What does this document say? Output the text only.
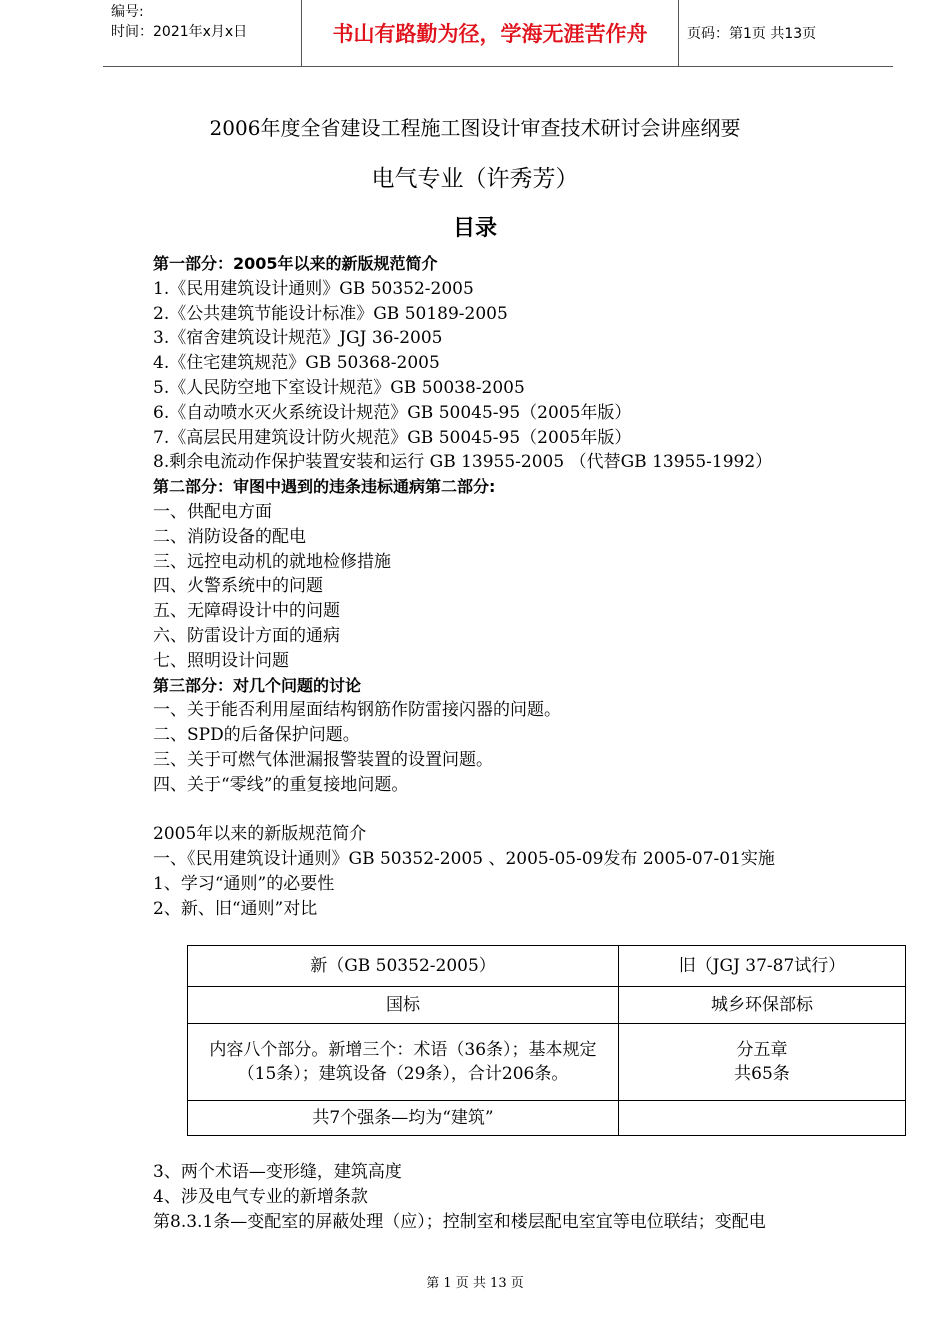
编号:
时间：2021年x月x日	书山有路勤为径，学海无涯苦作舟	页码：第1页 共13页
2006年度全省建设工程施工图设计审查技术研讨会讲座纲要
电气专业（许秀芳）
目录
第一部分：2005年以来的新版规范简介
1.《民用建筑设计通则》GB 50352-2005
2.《公共建筑节能设计标准》GB 50189-2005
3.《宿舍建筑设计规范》JGJ 36-2005
4.《住宅建筑规范》GB 50368-2005
5.《人民防空地下室设计规范》GB 50038-2005
6.《自动喷水灭火系统设计规范》GB 50045-95（2005年版）
7.《高层民用建筑设计防火规范》GB 50045-95（2005年版）
8.剩余电流动作保护装置安装和运行 GB 13955-2005 （代替GB 13955-1992）
第二部分：审图中遇到的违条违标通病第二部分:
一、供配电方面
二、消防设备的配电
三、远控电动机的就地检修措施
四、火警系统中的问题
五、无障碍设计中的问题
六、防雷设计方面的通病
七、照明设计问题
第三部分：对几个问题的讨论
一、关于能否利用屋面结构钢筋作防雷接闪器的问题。
二、SPD的后备保护问题。
三、关于可燃气体泄漏报警装置的设置问题。
四、关于“零线”的重复接地问题。
2005年以来的新版规范简介
一、《民用建筑设计通则》GB 50352-2005 、2005-05-09发布 2005-07-01实施
1、学习“通则”的必要性
2、新、旧“通则”对比
新（GB 50352-2005）	旧（JGJ 37-87试行）
国标	城乡环保部标
内容八个部分。新增三个：术语（36条）；基本规定（15条）；建筑设备（29条），合计206条。	分五章
共65条
共7个强条—均为“建筑”	
3、两个术语—变形缝，建筑高度
4、涉及电气专业的新增条款
第8.3.1条—变配室的屏蔽处理（应）；控制室和楼层配电室宜等电位联结；变配电
第 1 页 共 13 页
